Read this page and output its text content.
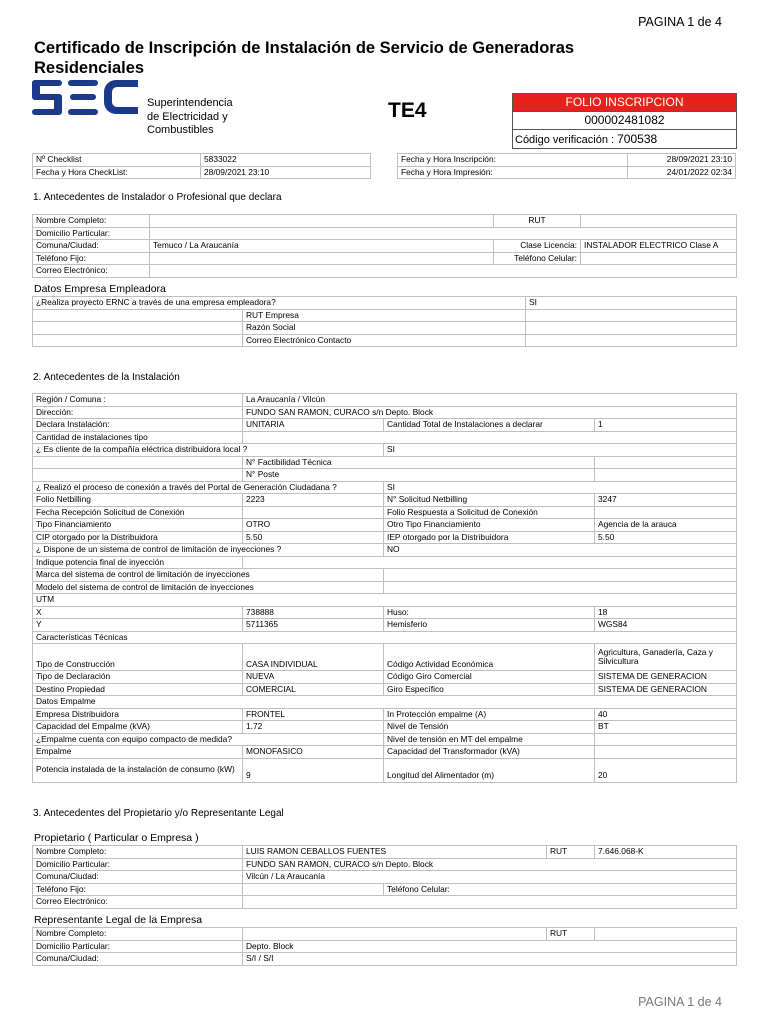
PAGINA 1 de 4
Certificado de Inscripción de Instalación de Servicio de Generadoras Residenciales
Superintendencia
de Electricidad y
Combustibles
TE4	FOLIO INSCRIPCION
000002481082
Código verificación : 700538
Nº Checklist	5833022
Fecha y Hora CheckList:	28/09/2021 23:10
Fecha y Hora Inscripción:	28/09/2021 23:10
Fecha y Hora Impresión:	24/01/2022 02:34
1. Antecedentes de Instalador o Profesional que declara
Nombre Completo:		RUT	
Domicilio Particular:			
Comuna/Ciudad:	Temuco / La Araucanía	Clase Licencia:	INSTALADOR ELECTRICO Clase A
Teléfono Fijo:		Teléfono Celular:	
Correo Electrónico:			
Datos Empresa Empleadora
¿Realiza proyecto ERNC a través de una empresa empleadora?		SI
	RUT Empresa	
	Razón Social	
	Correo Electrónico Contacto	
2. Antecedentes de la Instalación
Región / Comuna :	La Araucanía / Vilcún		
Dirección:	FUNDO SAN RAMON, CURACO s/n Depto. Block		
Declara Instalación:	UNITARIA	Cantidad Total de Instalaciones a declarar	1
Cantidad de instalaciones tipo			
¿ Es cliente de la compañía eléctrica distribuidora local ?		SI	
	N° Factibilidad Técnica		
	N° Poste		
¿ Realizó el proceso de conexión a través del Portal de Generación Ciudadana ?		SI	
Folio Netbilling	2223	N° Solicitud Netbilling	3247
Fecha Recepción Solicitud de Conexión		Folio Respuesta a Solicitud de Conexión	
Tipo Financiamiento	OTRO	Otro Tipo Financiamiento	Agencia de la arauca
CIP otorgado por la Distribuidora	5.50	IEP otorgado por la Distribuidora	5.50
¿ Dispone de un sistema de control de limitación de inyecciones ?		NO	
Indique potencia final de inyección			
Marca del sistema de control de limitación de inyecciones			
Modelo del sistema de control de limitación de inyecciones			
UTM			
X	738888	Huso:	18
Y	5711365	Hemisferio	WGS84
Características Técnicas			
Tipo de Construcción	CASA INDIVIDUAL	Código Actividad Económica	Agricultura, Ganadería, Caza y Silvicultura
Tipo de Declaración	NUEVA	Código Giro Comercial	SISTEMA DE GENERACION
Destino Propiedad	COMERCIAL	Giro Específico	SISTEMA DE GENERACION
Datos Empalme			
Empresa Distribuidora	FRONTEL	In Protección empalme (A)	40
Capacidad del Empalme (kVA)	1.72	Nivel de Tensión	BT
¿Empalme cuenta con equipo compacto de medida?		Nivel de tensión en MT del empalme	
Empalme	MONOFASICO	Capacidad del Transformador (kVA)	
Potencia instalada de la instalación de consumo (kW)	9	Longitud del Alimentador (m)	20
3. Antecedentes del Propietario y/o Representante Legal
Propietario ( Particular o Empresa )
Nombre Completo:	LUIS RAMON CEBALLOS FUENTES		RUT	7.646.068-K
Domicilio Particular:	FUNDO SAN RAMON, CURACO s/n Depto. Block			
Comuna/Ciudad:	Vilcún / La Araucanía			
Teléfono Fijo:		Teléfono Celular:		
Correo Electrónico:				
Representante Legal de la Empresa
Nombre Completo:		RUT	
Domicilio Particular:	Depto. Block		
Comuna/Ciudad:	S/I / S/I		
PAGINA 1 de 4
